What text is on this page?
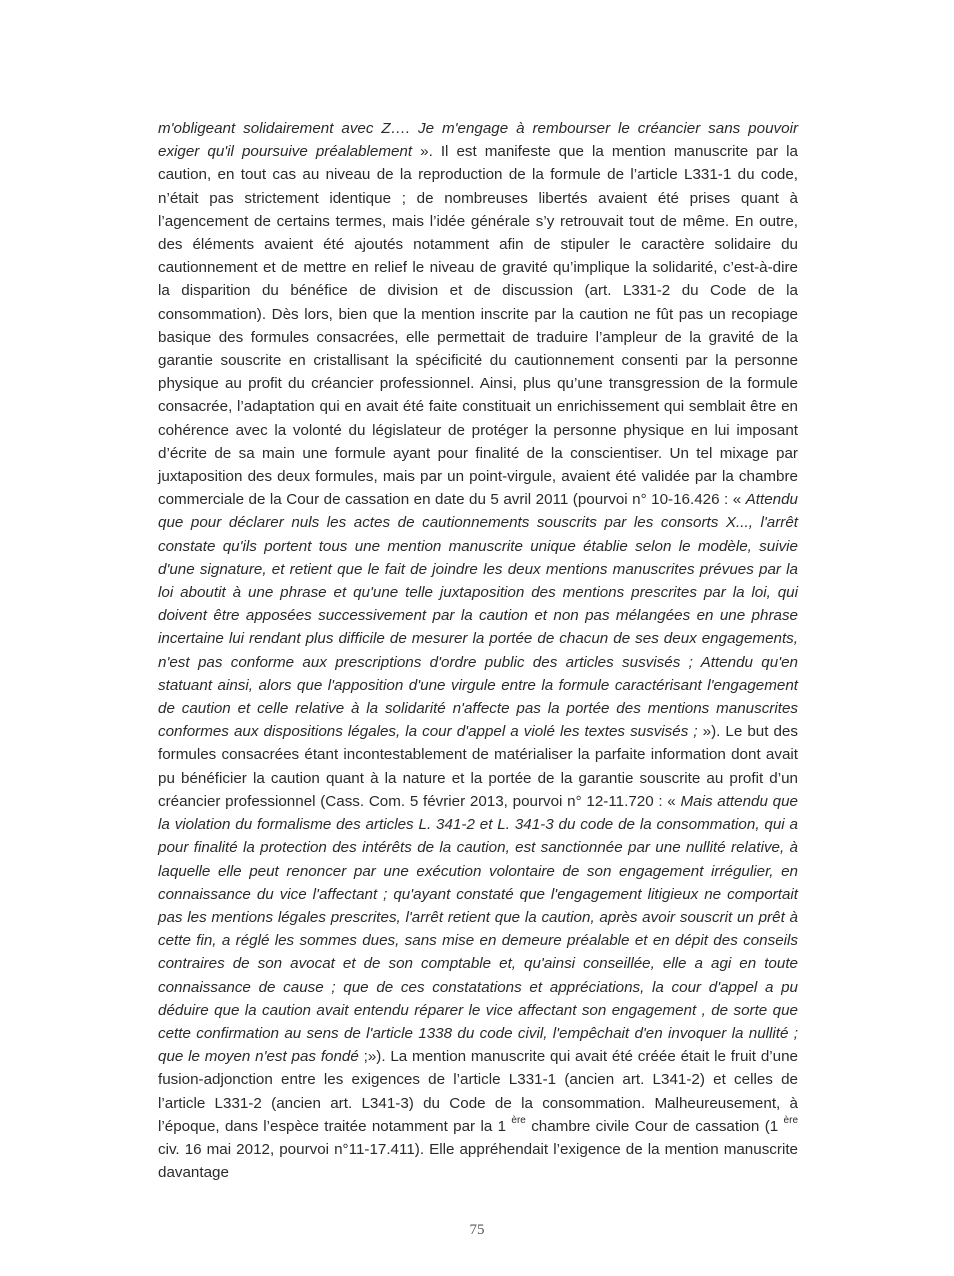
m'obligeant solidairement avec Z…. Je m'engage à rembourser le créancier sans pouvoir exiger qu'il poursuive préalablement ». Il est manifeste que la mention manuscrite par la caution, en tout cas au niveau de la reproduction de la formule de l’article L331-1 du code, n’était pas strictement identique ; de nombreuses libertés avaient été prises quant à l’agencement de certains termes, mais l’idée générale s’y retrouvait tout de même. En outre, des éléments avaient été ajoutés notamment afin de stipuler le caractère solidaire du cautionnement et de mettre en relief le niveau de gravité qu’implique la solidarité, c’est-à-dire la disparition du bénéfice de division et de discussion (art. L331-2 du Code de la consommation). Dès lors, bien que la mention inscrite par la caution ne fût pas un recopiage basique des formules consacrées, elle permettait de traduire l’ampleur de la gravité de la garantie souscrite en cristallisant la spécificité du cautionnement consenti par la personne physique au profit du créancier professionnel. Ainsi, plus qu’une transgression de la formule consacrée, l’adaptation qui en avait été faite constituait un enrichissement qui semblait être en cohérence avec la volonté du législateur de protéger la personne physique en lui imposant d’écrite de sa main une formule ayant pour finalité de la conscientiser. Un tel mixage par juxtaposition des deux formules, mais par un point-virgule, avaient été validée par la chambre commerciale de la Cour de cassation en date du 5 avril 2011 (pourvoi n° 10-16.426 : « Attendu que pour déclarer nuls les actes de cautionnements souscrits par les consorts X..., l'arrêt constate qu'ils portent tous une mention manuscrite unique établie selon le modèle, suivie d'une signature, et retient que le fait de joindre les deux mentions manuscrites prévues par la loi aboutit à une phrase et qu'une telle juxtaposition des mentions prescrites par la loi, qui doivent être apposées successivement par la caution et non pas mélangées en une phrase incertaine lui rendant plus difficile de mesurer la portée de chacun de ses deux engagements, n'est pas conforme aux prescriptions d'ordre public des articles susvisés ; Attendu qu'en statuant ainsi, alors que l'apposition d'une virgule entre la formule caractérisant l'engagement de caution et celle relative à la solidarité n'affecte pas la portée des mentions manuscrites conformes aux dispositions légales, la cour d'appel a violé les textes susvisés ; »). Le but des formules consacrées étant incontestablement de matérialiser la parfaite information dont avait pu bénéficier la caution quant à la nature et la portée de la garantie souscrite au profit d’un créancier professionnel (Cass. Com. 5 février 2013, pourvoi n° 12-11.720 : « Mais attendu que la violation du formalisme des articles L. 341-2 et L. 341-3 du code de la consommation, qui a pour finalité la protection des intérêts de la caution, est sanctionnée par une nullité relative, à laquelle elle peut renoncer par une exécution volontaire de son engagement irrégulier, en connaissance du vice l'affectant ; qu'ayant constaté que l'engagement litigieux ne comportait pas les mentions légales prescrites, l'arrêt retient que la caution, après avoir souscrit un prêt à cette fin, a réglé les sommes dues, sans mise en demeure préalable et en dépit des conseils contraires de son avocat et de son comptable et, qu'ainsi conseillée, elle a agi en toute connaissance de cause ; que de ces constatations et appréciations, la cour d'appel a pu déduire que la caution avait entendu réparer le vice affectant son engagement , de sorte que cette confirmation au sens de l'article 1338 du code civil, l'empêchait d'en invoquer la nullité ; que le moyen n'est pas fondé ;»). La mention manuscrite qui avait été créée était le fruit d’une fusion-adjonction entre les exigences de l’article L331-1 (ancien art. L341-2) et celles de l’article L331-2 (ancien art. L341-3) du Code de la consommation. Malheureusement, à l’époque, dans l’espèce traitée notamment par la 1 $^{ère}$ chambre civile Cour de cassation (1 $^{ère}$ civ. 16 mai 2012, pourvoi n°11-17.411). Elle appréhendait l’exigence de la mention manuscrite davantage

75
